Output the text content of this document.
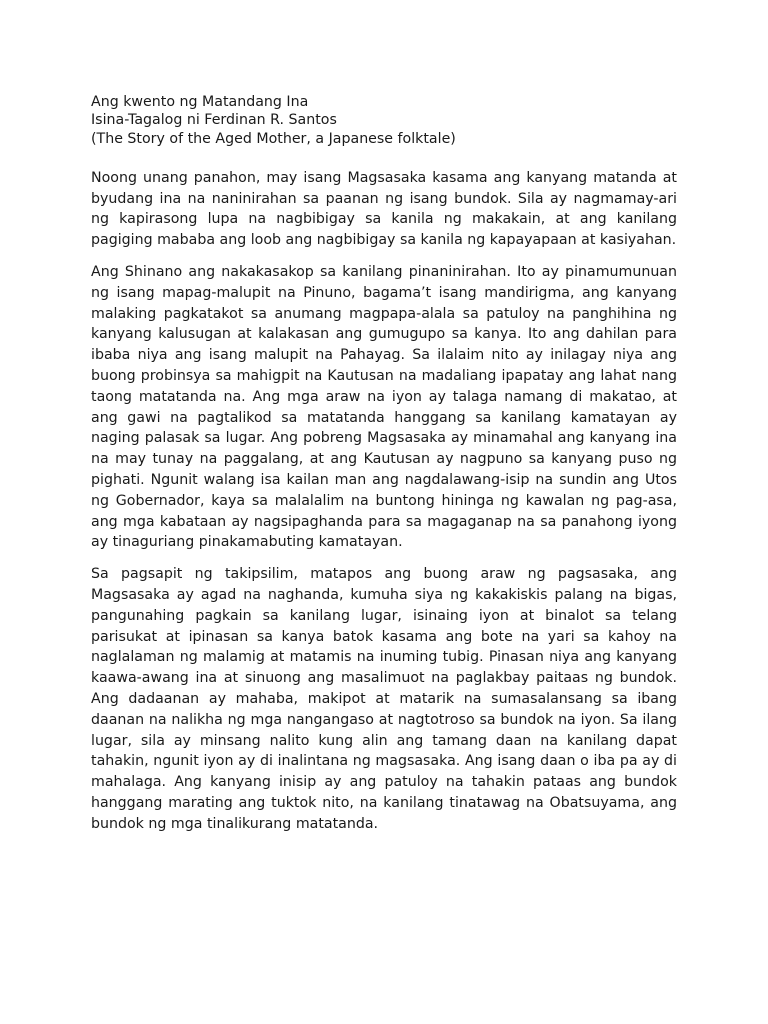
Ang kwento ng Matandang Ina
Isina-Tagalog ni Ferdinan R. Santos
(The Story of the Aged Mother, a Japanese folktale)

Noong unang panahon, may isang Magsasaka kasama ang kanyang matanda at byudang ina na naninirahan sa paanan ng isang bundok. Sila ay nagmamay-ari ng kapirasong lupa na nagbibigay sa kanila ng makakain, at ang kanilang pagiging mababa ang loob ang nagbibigay sa kanila ng kapayapaan at kasiyahan.

Ang Shinano ang nakakasakop sa kanilang pinaninirahan. Ito ay pinamumunuan ng isang mapag-malupit na Pinuno, bagama’t isang mandirigma, ang kanyang malaking pagkatakot sa anumang magpapa-alala sa patuloy na panghihina ng kanyang kalusugan at kalakasan ang gumugupo sa kanya. Ito ang dahilan para ibaba niya ang isang malupit na Pahayag. Sa ilalaim nito ay inilagay niya ang buong probinsya sa mahigpit na Kautusan na madaliang ipapatay ang lahat nang taong matatanda na. Ang mga araw na iyon ay talaga namang di makatao, at ang gawi na pagtalikod sa matatanda hanggang sa kanilang kamatayan ay naging palasak sa lugar. Ang pobreng Magsasaka ay minamahal ang kanyang ina na may tunay na paggalang, at ang Kautusan ay nagpuno sa kanyang puso ng pighati. Ngunit walang isa kailan man ang nagdalawang-isip na sundin ang Utos ng Gobernador, kaya sa malalalim na buntong hininga ng kawalan ng pag-asa, ang mga kabataan ay nagsipaghanda para sa magaganap na sa panahong iyong ay tinaguriang pinakamabuting kamatayan.

Sa pagsapit ng takipsilim, matapos ang buong araw ng pagsasaka, ang Magsasaka ay agad na naghanda, kumuha siya ng kakakiskis palang na bigas, pangunahing pagkain sa kanilang lugar, isinaing iyon at binalot sa telang parisukat at ipinasan sa kanya batok kasama ang bote na yari sa kahoy na naglalaman ng malamig at matamis na inuming tubig. Pinasan niya ang kanyang kaawa-awang ina at sinuong ang masalimuot na paglakbay paitaas ng bundok. Ang dadaanan ay mahaba, makipot at matarik na sumasalansang sa ibang daanan na nalikha ng mga nangangaso at nagtotroso sa bundok na iyon. Sa ilang lugar, sila ay minsang nalito kung alin ang tamang daan na kanilang dapat tahakin, ngunit iyon ay di inalintana ng magsasaka. Ang isang daan o iba pa ay di mahalaga. Ang kanyang inisip ay ang patuloy na tahakin pataas ang bundok hanggang marating ang tuktok nito, na kanilang tinatawag na Obatsuyama, ang bundok ng mga tinalikurang matatanda.
